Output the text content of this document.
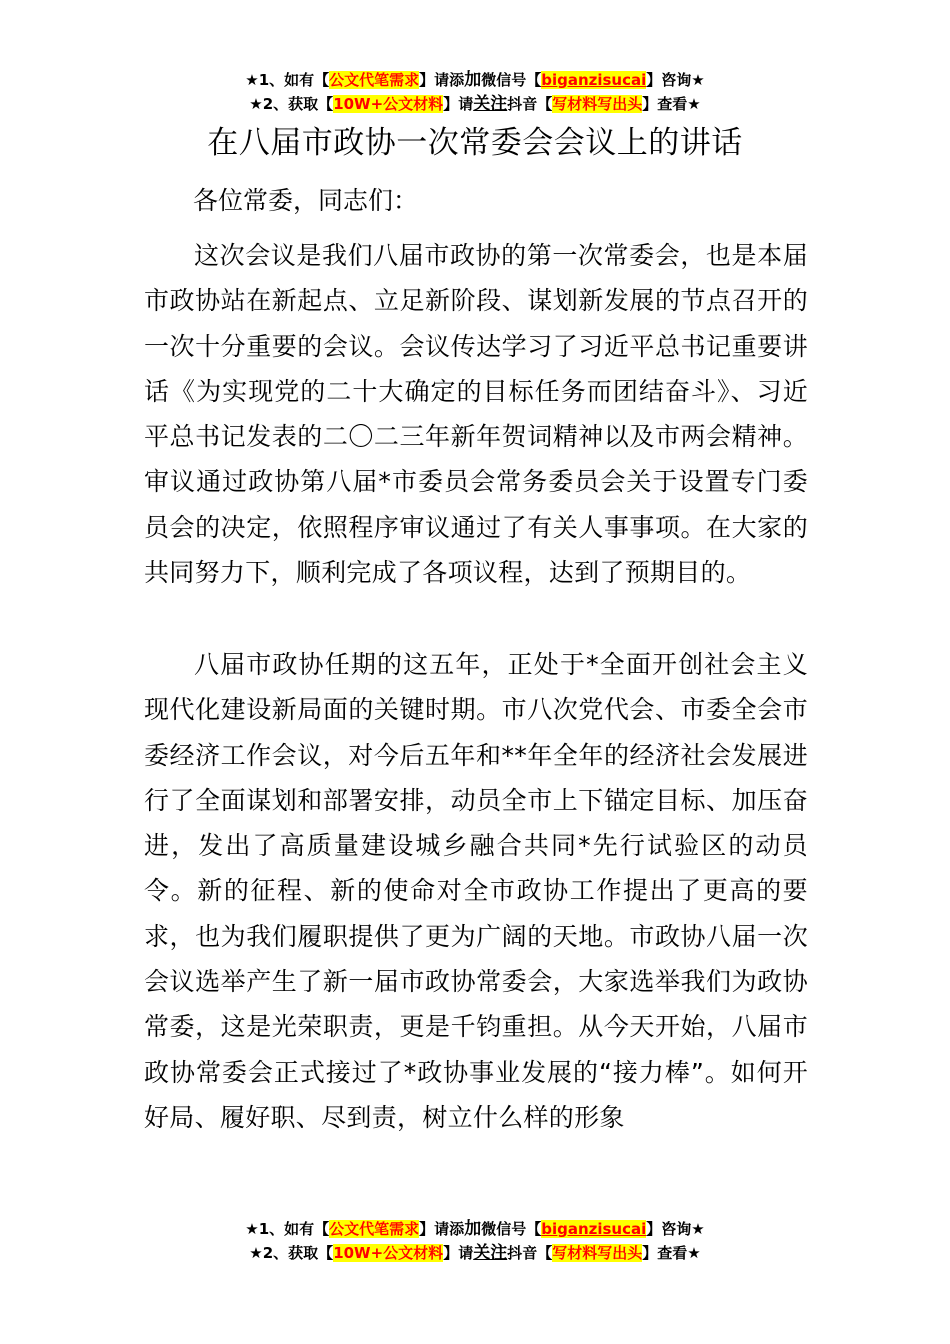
★1、如有【公文代笔需求】请添加微信号【biganzisucai】咨询★
★2、获取【10W+公文材料】请关注抖音【写材料写出头】查看★
在八届市政协一次常委会会议上的讲话
各位常委，同志们：

这次会议是我们八届市政协的第一次常委会，也是本届市政协站在新起点、立足新阶段、谋划新发展的节点召开的一次十分重要的会议。会议传达学习了习近平总书记重要讲话《为实现党的二十大确定的目标任务而团结奋斗》、习近平总书记发表的二〇二三年新年贺词精神以及市两会精神。审议通过政协第八届*市委员会常务委员会关于设置专门委员会的决定，依照程序审议通过了有关人事事项。在大家的共同努力下，顺利完成了各项议程，达到了预期目的。

八届市政协任期的这五年，正处于*全面开创社会主义现代化建设新局面的关键时期。市八次党代会、市委全会市委经济工作会议，对今后五年和**年全年的经济社会发展进行了全面谋划和部署安排，动员全市上下锚定目标、加压奋进，发出了高质量建设城乡融合共同*先行试验区的动员令。新的征程、新的使命对全市政协工作提出了更高的要求，也为我们履职提供了更为广阔的天地。市政协八届一次会议选举产生了新一届市政协常委会，大家选举我们为政协常委，这是光荣职责，更是千钧重担。从今天开始，八届市政协常委会正式接过了*政协事业发展的“接力棒”。如何开好局、履好职、尽到责，树立什么样的形象

★1、如有【公文代笔需求】请添加微信号【biganzisucai】咨询★
★2、获取【10W+公文材料】请关注抖音【写材料写出头】查看★
